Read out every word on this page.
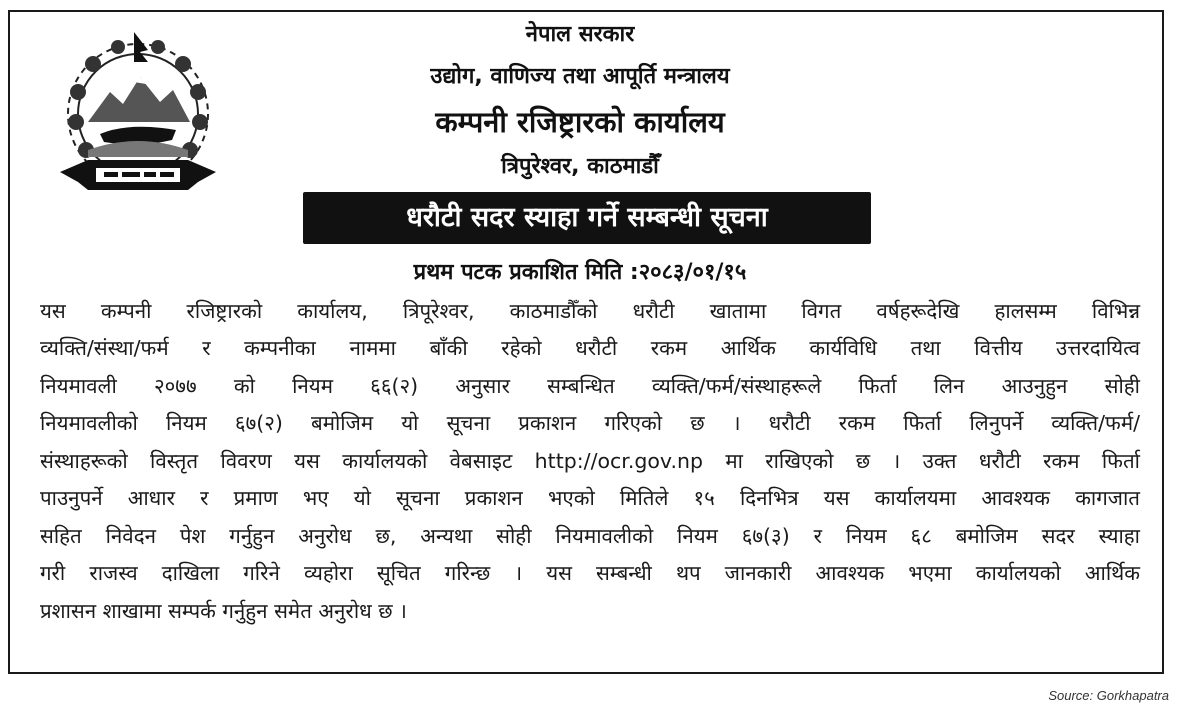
नेपाल सरकार
उद्योग, वाणिज्य तथा आपूर्ति मन्त्रालय
कम्पनी रजिष्ट्रारको कार्यालय
त्रिपुरेश्वर, काठमाडौँ
धरौटी सदर स्याहा गर्ने सम्बन्धी सूचना
प्रथम पटक प्रकाशित मिति :२०८३/०१/१५
यस कम्पनी रजिष्ट्रारको कार्यालय, त्रिपूरेश्वर, काठमाडौँको धरौटी खातामा विगत वर्षहरूदेखि हालसम्म विभिन्न
व्यक्ति/संस्था/फर्म र कम्पनीका नाममा बाँकी रहेको धरौटी रकम आर्थिक कार्यविधि तथा वित्तीय उत्तरदायित्व
नियमावली २०७७ को नियम ६६(२) अनुसार सम्बन्धित व्यक्ति/फर्म/संस्थाहरूले फिर्ता लिन आउनुहुन सोही
नियमावलीको नियम ६७(२) बमोजिम यो सूचना प्रकाशन गरिएको छ । धरौटी रकम फिर्ता लिनुपर्ने व्यक्ति/फर्म/
संस्थाहरूको विस्तृत विवरण यस कार्यालयको वेबसाइट http://ocr.gov.np मा राखिएको छ । उक्त धरौटी रकम फिर्ता
पाउनुपर्ने आधार र प्रमाण भए यो सूचना प्रकाशन भएको मितिले १५ दिनभित्र यस कार्यालयमा आवश्यक कागजात
सहित निवेदन पेश गर्नुहुन अनुरोध छ, अन्यथा सोही नियमावलीको नियम ६७(३) र नियम ६८ बमोजिम सदर स्याहा
गरी राजस्व दाखिला गरिने व्यहोरा सूचित गरिन्छ । यस सम्बन्धी थप जानकारी आवश्यक भएमा कार्यालयको आर्थिक
प्रशासन शाखामा सम्पर्क गर्नुहुन समेत अनुरोध छ ।
Source: Gorkhapatra
